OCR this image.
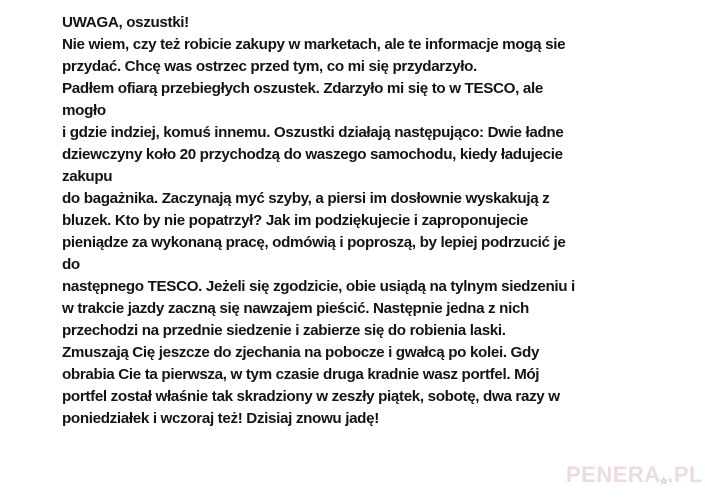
UWAGA, oszustki!
Nie wiem, czy też robicie zakupy w marketach, ale te informacje mogą sie
przydać. Chcę was ostrzec przed tym, co mi się przydarzyło.
Padłem ofiarą przebiegłych oszustek. Zdarzyło mi się to w TESCO, ale
mogło
i gdzie indziej, komuś innemu. Oszustki działają następująco: Dwie ładne
dziewczyny koło 20 przychodzą do waszego samochodu, kiedy ładujecie
zakupu
do bagażnika. Zaczynają myć szyby, a piersi im dosłownie wyskakują z
bluzek. Kto by nie popatrzył? Jak im podziękujecie i zaproponujecie
pieniądze za wykonaną pracę, odmówią i poproszą, by lepiej podrzucić je
do
następnego TESCO. Jeżeli się zgodzicie, obie usiądą na tylnym siedzeniu i
w trakcie jazdy zaczną się nawzajem pieścić. Następnie jedna z nich
przechodzi na przednie siedzenie i zabierze się do robienia laski.
Zmuszają Cię jeszcze do zjechania na pobocze i gwałcą po kolei. Gdy
obrabia Cie ta pierwsza, w tym czasie druga kradnie wasz portfel. Mój
portfel został właśnie tak skradziony w zeszły piątek, sobotę, dwa razy w
poniedziałek i wczoraj też! Dzisiaj znowu jadę!
PENERA☆.PL
